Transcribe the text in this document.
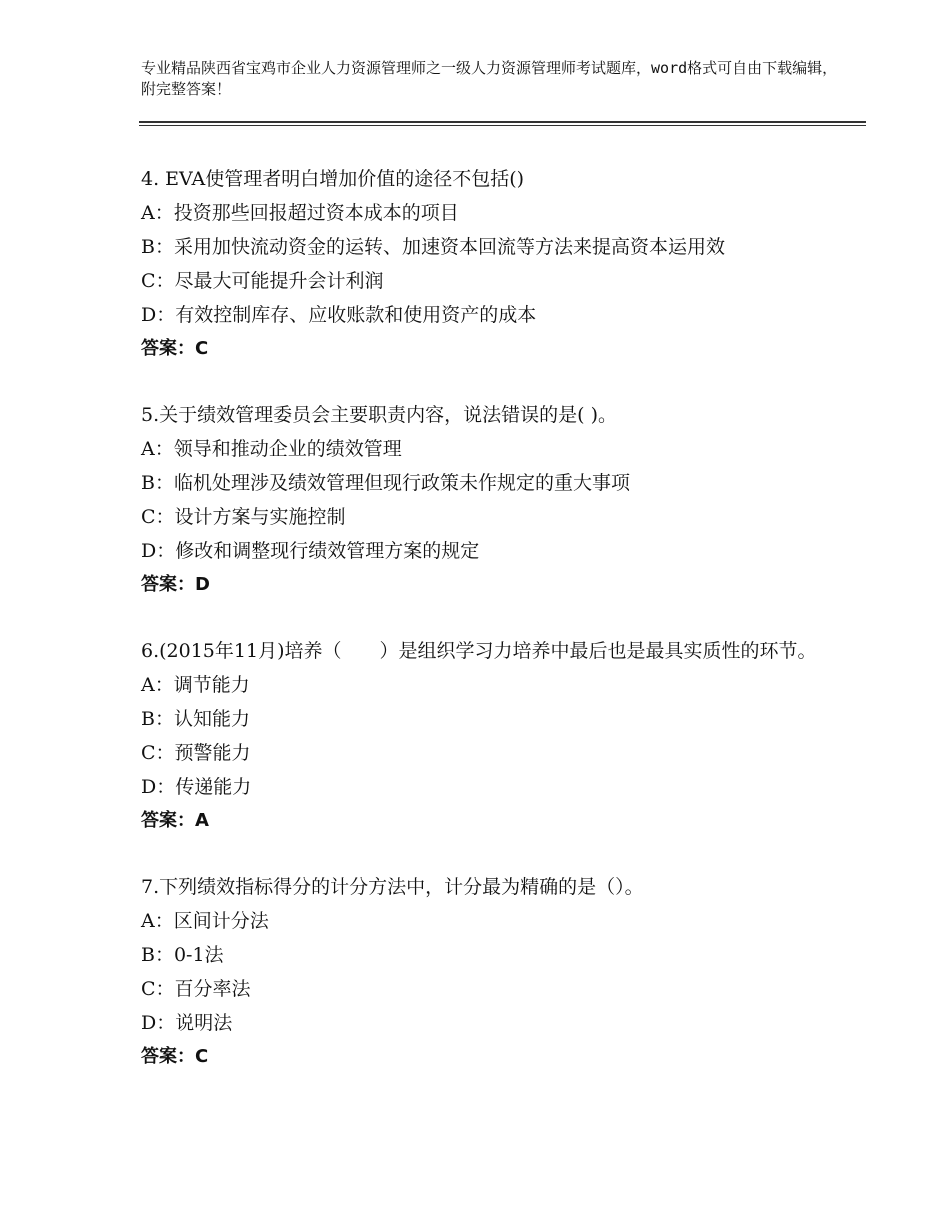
专业精品陕西省宝鸡市企业人力资源管理师之一级人力资源管理师考试题库，word格式可自由下载编辑，附完整答案！
4. EVA使管理者明白增加价值的途径不包括()
A：投资那些回报超过资本成本的项目
B：采用加快流动资金的运转、加速资本回流等方法来提高资本运用效
C：尽最大可能提升会计利润
D：有效控制库存、应收账款和使用资产的成本
答案：C
5.关于绩效管理委员会主要职责内容，说法错误的是( )。
A：领导和推动企业的绩效管理
B：临机处理涉及绩效管理但现行政策未作规定的重大事项
C：设计方案与实施控制
D：修改和调整现行绩效管理方案的规定
答案：D
6.(2015年11月)培养（　　）是组织学习力培养中最后也是最具实质性的环节。
A：调节能力
B：认知能力
C：预警能力
D：传递能力
答案：A
7.下列绩效指标得分的计分方法中，计分最为精确的是（）。
A：区间计分法
B：0-1法
C：百分率法
D：说明法
答案：C
